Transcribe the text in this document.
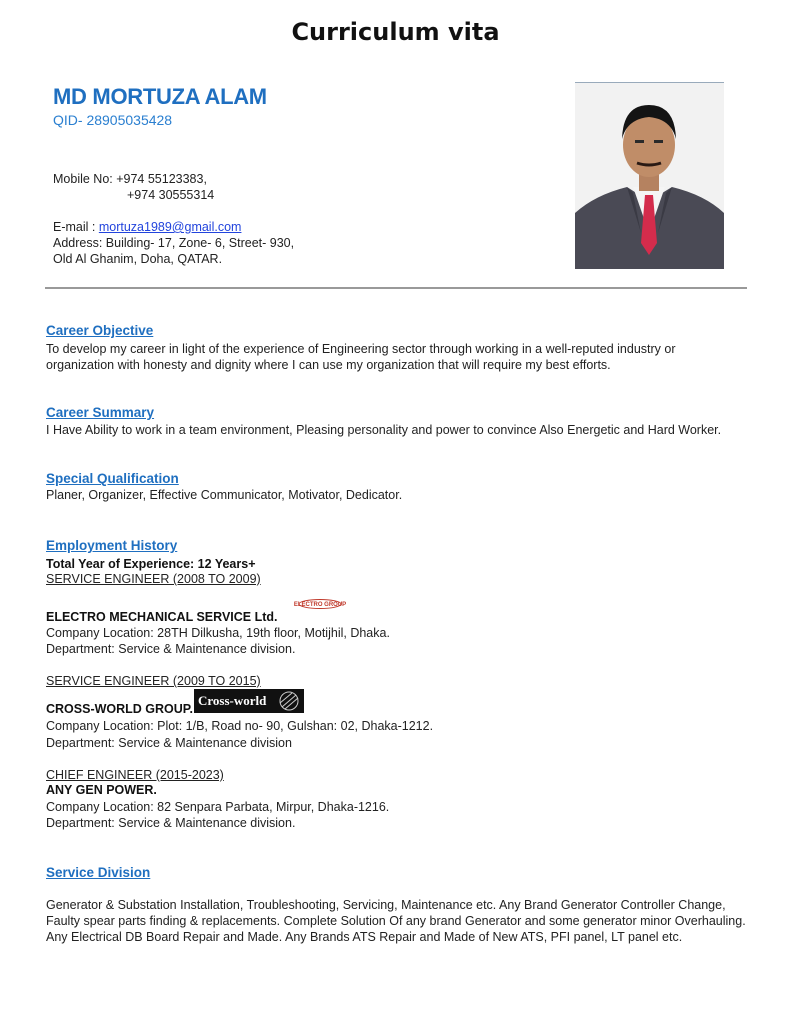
Curriculum vita
MD MORTUZA ALAM
QID- 28905035428
Mobile No: +974 55123383,
+974 30555314
E-mail : mortuza1989@gmail.com
Address: Building- 17, Zone- 6, Street- 930,
Old Al Ghanim, Doha, QATAR.
Career Objective
To develop my career in light of the experience of Engineering sector through working in a well-reputed industry or organization with honesty and dignity where I can use my organization that will require my best efforts.
Career Summary
I Have Ability to work in a team environment, Pleasing personality and power to convince Also Energetic and Hard Worker.
Special Qualification
Planer, Organizer, Effective Communicator, Motivator, Dedicator.
Employment History
Total Year of Experience: 12 Years+
SERVICE ENGINEER (2008 TO 2009)
ELECTRO GROUP
ELECTRO MECHANICAL SERVICE Ltd.
Company Location: 28TH Dilkusha, 19th floor, Motijhil, Dhaka.
Department: Service & Maintenance division.
SERVICE ENGINEER (2009 TO 2015)
CROSS-WORLD GROUP.
Cross-world
Company Location: Plot: 1/B, Road no- 90, Gulshan: 02, Dhaka-1212.
Department: Service & Maintenance division
CHIEF ENGINEER (2015-2023)
ANY GEN POWER.
Company Location: 82 Senpara Parbata, Mirpur, Dhaka-1216.
Department: Service & Maintenance division.
Service Division
Generator & Substation Installation, Troubleshooting, Servicing, Maintenance etc. Any Brand Generator Controller Change, Faulty spear parts finding & replacements. Complete Solution Of any brand Generator and some generator minor Overhauling. Any Electrical DB Board Repair and Made. Any Brands ATS Repair and Made of New ATS, PFI panel, LT panel etc.
